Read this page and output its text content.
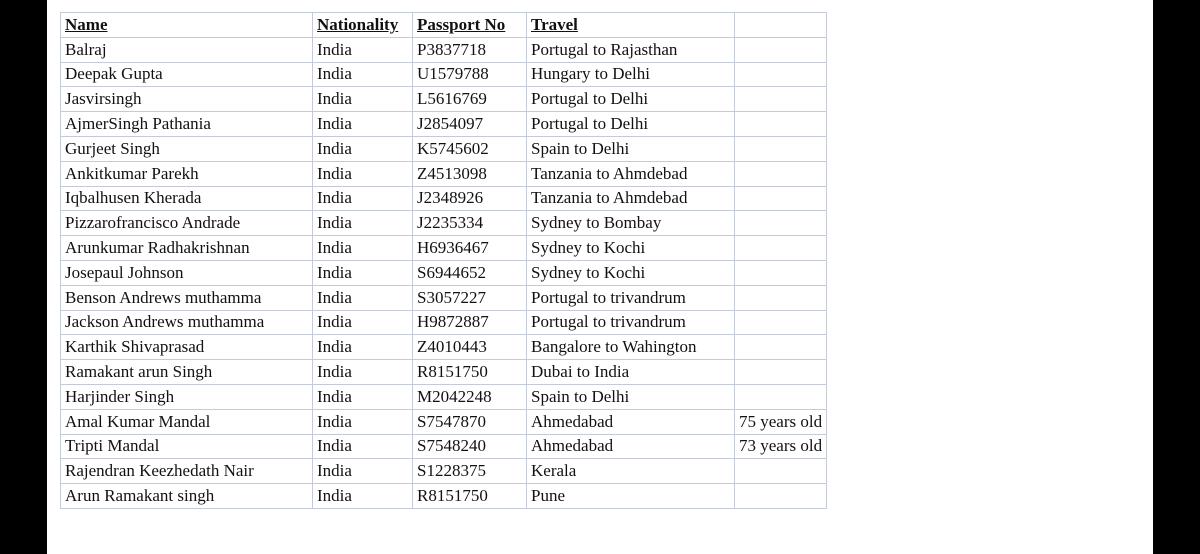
Name	Nationality	Passport No	Travel	
Balraj	India	P3837718	Portugal to Rajasthan	
Deepak Gupta	India	U1579788	Hungary to Delhi	
Jasvirsingh	India	L5616769	Portugal to Delhi	
AjmerSingh Pathania	India	J2854097	Portugal to Delhi	
Gurjeet Singh	India	K5745602	Spain to Delhi	
Ankitkumar Parekh	India	Z4513098	Tanzania to Ahmdebad	
Iqbalhusen Kherada	India	J2348926	Tanzania to Ahmdebad	
Pizzarofrancisco Andrade	India	J2235334	Sydney to Bombay	
Arunkumar Radhakrishnan	India	H6936467	Sydney to Kochi	
Josepaul Johnson	India	S6944652	Sydney to Kochi	
Benson Andrews muthamma	India	S3057227	Portugal to trivandrum	
Jackson Andrews muthamma	India	H9872887	Portugal to trivandrum	
Karthik Shivaprasad	India	Z4010443	Bangalore to Wahington	
Ramakant arun Singh	India	R8151750	Dubai to India	
Harjinder Singh	India	M2042248	Spain to Delhi	
Amal Kumar Mandal	India	S7547870	Ahmedabad	75 years old
Tripti Mandal	India	S7548240	Ahmedabad	73 years old
Rajendran Keezhedath Nair	India	S1228375	Kerala	
Arun Ramakant singh	India	R8151750	Pune	
